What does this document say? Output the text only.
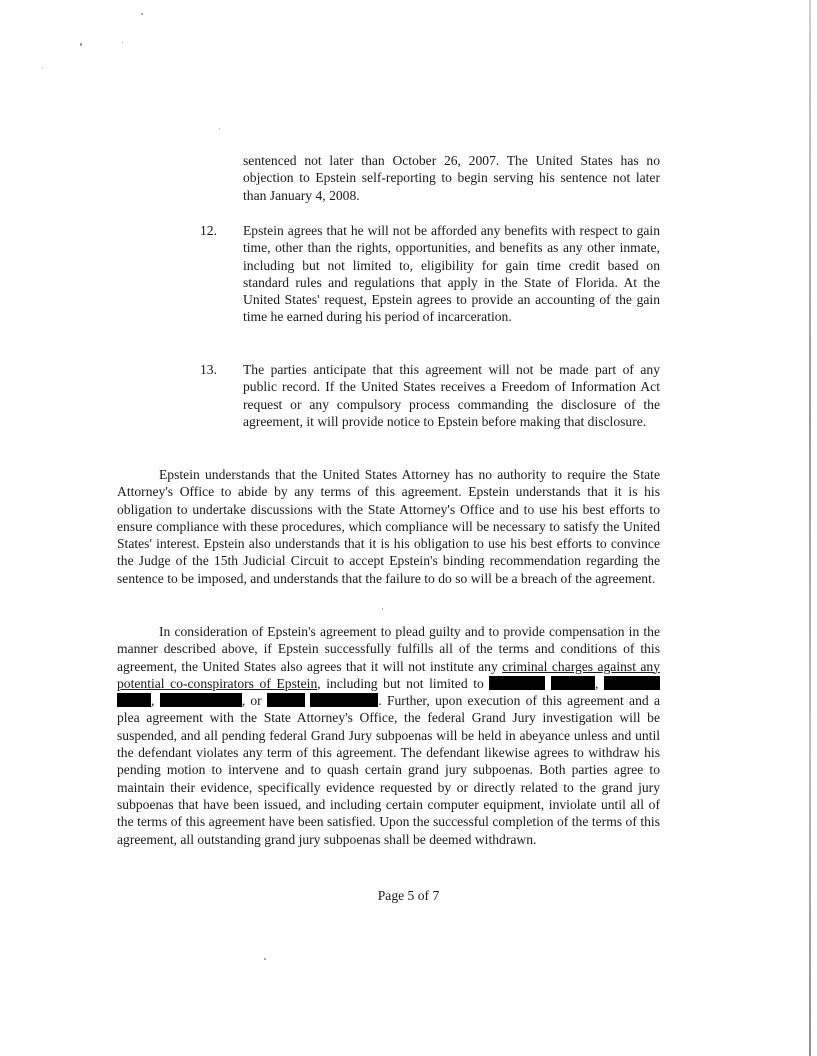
sentenced not later than October 26, 2007. The United States has no objection to Epstein self-reporting to begin serving his sentence not later than January 4, 2008.

12. Epstein agrees that he will not be afforded any benefits with respect to gain time, other than the rights, opportunities, and benefits as any other inmate, including but not limited to, eligibility for gain time credit based on standard rules and regulations that apply in the State of Florida. At the United States' request, Epstein agrees to provide an accounting of the gain time he earned during his period of incarceration.
13. The parties anticipate that this agreement will not be made part of any public record. If the United States receives a Freedom of Information Act request or any compulsory process commanding the disclosure of the agreement, it will provide notice to Epstein before making that disclosure.

Epstein understands that the United States Attorney has no authority to require the State Attorney's Office to abide by any terms of this agreement. Epstein understands that it is his obligation to undertake discussions with the State Attorney's Office and to use his best efforts to ensure compliance with these procedures, which compliance will be necessary to satisfy the United States' interest. Epstein also understands that it is his obligation to use his best efforts to convince the Judge of the 15th Judicial Circuit to accept Epstein's binding recommendation regarding the sentence to be imposed, and understands that the failure to do so will be a breach of the agreement.

In consideration of Epstein's agreement to plead guilty and to provide compensation in the manner described above, if Epstein successfully fulfills all of the terms and conditions of this agreement, the United States also agrees that it will not institute any criminal charges against any potential co-conspirators of Epstein, including but not limited to	,  ,	, or	. Further, upon execution of this agreement and a plea agreement with the State Attorney's Office, the federal Grand Jury investigation will be suspended, and all pending federal Grand Jury subpoenas will be held in abeyance unless and until the defendant violates any term of this agreement. The defendant likewise agrees to withdraw his pending motion to intervene and to quash certain grand jury subpoenas. Both parties agree to maintain their evidence, specifically evidence requested by or directly related to the grand jury subpoenas that have been issued, and including certain computer equipment, inviolate until all of the terms of this agreement have been satisfied. Upon the successful completion of the terms of this agreement, all outstanding grand jury subpoenas shall be deemed withdrawn.

Page 5 of 7
